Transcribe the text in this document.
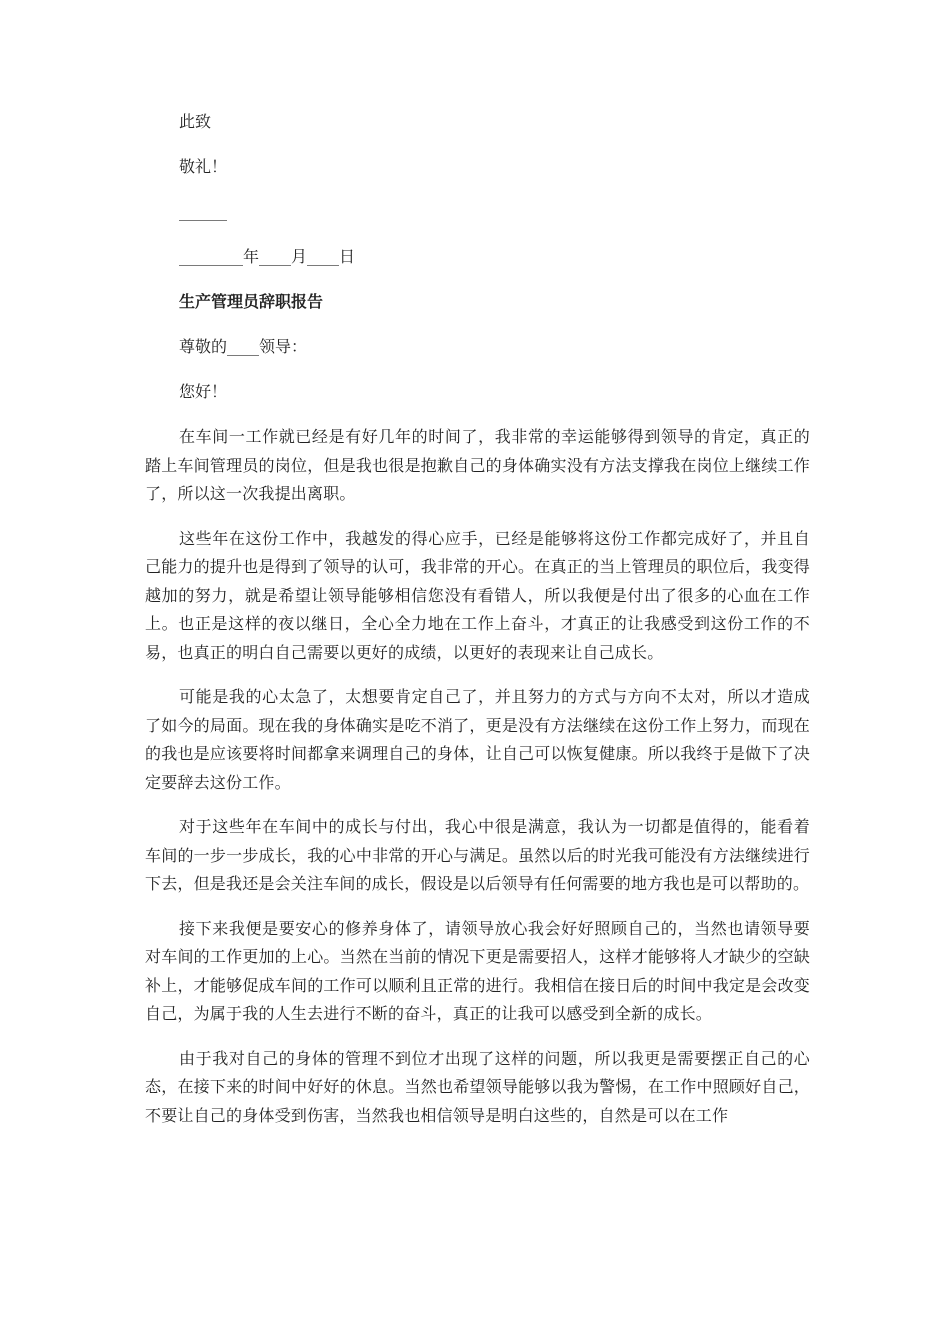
此致

敬礼！

______

________年____月____日

生产管理员辞职报告

尊敬的____领导：

您好！

在车间一工作就已经是有好几年的时间了，我非常的幸运能够得到领导的肯定，真正的踏上车间管理员的岗位，但是我也很是抱歉自己的身体确实没有方法支撑我在岗位上继续工作了，所以这一次我提出离职。

这些年在这份工作中，我越发的得心应手，已经是能够将这份工作都完成好了，并且自己能力的提升也是得到了领导的认可，我非常的开心。在真正的当上管理员的职位后，我变得越加的努力，就是希望让领导能够相信您没有看错人，所以我便是付出了很多的心血在工作上。也正是这样的夜以继日，全心全力地在工作上奋斗，才真正的让我感受到这份工作的不易，也真正的明白自己需要以更好的成绩，以更好的表现来让自己成长。

可能是我的心太急了，太想要肯定自己了，并且努力的方式与方向不太对，所以才造成了如今的局面。现在我的身体确实是吃不消了，更是没有方法继续在这份工作上努力，而现在的我也是应该要将时间都拿来调理自己的身体，让自己可以恢复健康。所以我终于是做下了决定要辞去这份工作。

对于这些年在车间中的成长与付出，我心中很是满意，我认为一切都是值得的，能看着车间的一步一步成长，我的心中非常的开心与满足。虽然以后的时光我可能没有方法继续进行下去，但是我还是会关注车间的成长，假设是以后领导有任何需要的地方我也是可以帮助的。

接下来我便是要安心的修养身体了，请领导放心我会好好照顾自己的，当然也请领导要对车间的工作更加的上心。当然在当前的情况下更是需要招人，这样才能够将人才缺少的空缺补上，才能够促成车间的工作可以顺利且正常的进行。我相信在接日后的时间中我定是会改变自己，为属于我的人生去进行不断的奋斗，真正的让我可以感受到全新的成长。

由于我对自己的身体的管理不到位才出现了这样的问题，所以我更是需要摆正自己的心态，在接下来的时间中好好的休息。当然也希望领导能够以我为警惕，在工作中照顾好自己，不要让自己的身体受到伤害，当然我也相信领导是明白这些的，自然是可以在工作
